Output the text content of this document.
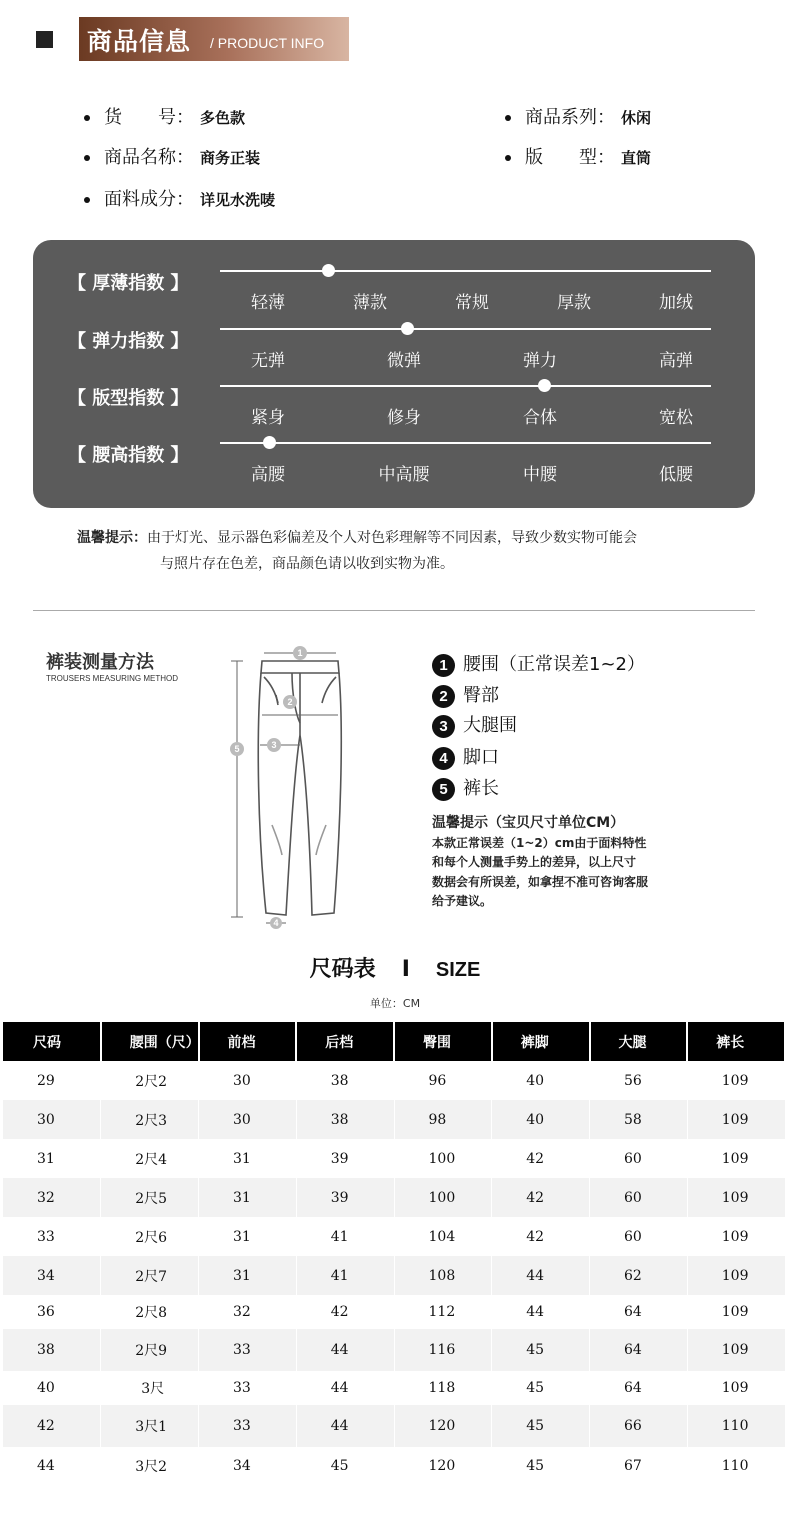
商品信息 / PRODUCT INFO
货　　号： 多色款	商品系列： 休闲
商品名称： 商务正装	版　　型： 直筒
面料成分： 详见水洗唛
【 厚薄指数 】
轻薄	薄款	常规	厚款	加绒
【 弹力指数 】
无弹	微弹	弹力	高弹
【 版型指数 】
紧身	修身	合体	宽松
【 腰高指数 】
高腰	中高腰	中腰	低腰
温馨提示：由于灯光、显示器色彩偏差及个人对色彩理解等不同因素，导致少数实物可能会
与照片存在色差，商品颜色请以收到实物为准。
裤装测量方法
TROUSERS MEASURING METHOD
1
2
3
4
5
1 腰围（正常误差1~2）
2 臀部
3 大腿围
4 脚口
5 裤长
温馨提示（宝贝尺寸单位CM）
本款正常误差（1~2）cm由于面料特性
和每个人测量手势上的差异，以上尺寸
数据会有所误差，如拿捏不准可咨询客服
给予建议。
尺码表 I SIZE
单位：CM
尺码	腰围（尺）	前档	后档	臀围	裤脚	大腿	裤长
29	2尺2	30	38	96	40	56	109
30	2尺3	30	38	98	40	58	109
31	2尺4	31	39	100	42	60	109
32	2尺5	31	39	100	42	60	109
33	2尺6	31	41	104	42	60	109
34	2尺7	31	41	108	44	62	109
36	2尺8	32	42	112	44	64	109
38	2尺9	33	44	116	45	64	109
40	3尺	33	44	118	45	64	109
42	3尺1	33	44	120	45	66	110
44	3尺2	34	45	120	45	67	110
